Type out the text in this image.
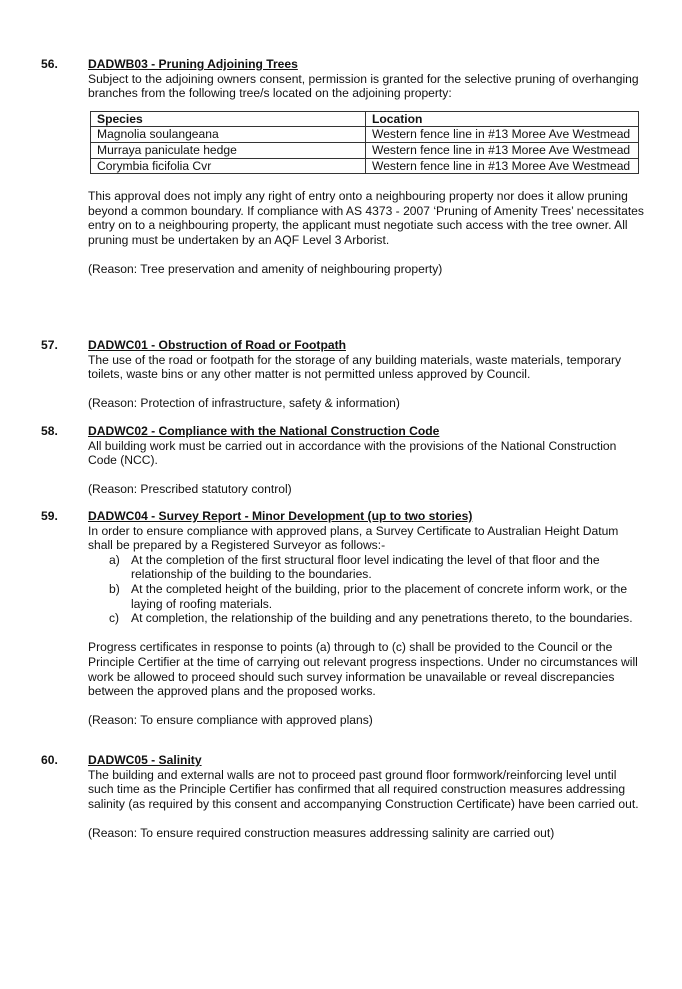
56. DADWB03 - Pruning Adjoining Trees

Subject to the adjoining owners consent, permission is granted for the selective pruning of overhanging branches from the following tree/s located on the adjoining property:

Species	Location
Magnolia soulangeana	Western fence line in #13 Moree Ave Westmead
Murraya paniculate hedge	Western fence line in #13 Moree Ave Westmead
Corymbia ficifolia Cvr	Western fence line in #13 Moree Ave Westmead

This approval does not imply any right of entry onto a neighbouring property nor does it allow pruning beyond a common boundary. If compliance with AS 4373 - 2007 ‘Pruning of Amenity Trees’ necessitates entry on to a neighbouring property, the applicant must negotiate such access with the tree owner. All pruning must be undertaken by an AQF Level 3 Arborist.

(Reason: Tree preservation and amenity of neighbouring property)

57. DADWC01 - Obstruction of Road or Footpath

The use of the road or footpath for the storage of any building materials, waste materials, temporary toilets, waste bins or any other matter is not permitted unless approved by Council.

(Reason: Protection of infrastructure, safety & information)

58. DADWC02 - Compliance with the National Construction Code

All building work must be carried out in accordance with the provisions of the National Construction Code (NCC).

(Reason: Prescribed statutory control)

59. DADWC04 - Survey Report - Minor Development (up to two stories)

In order to ensure compliance with approved plans, a Survey Certificate to Australian Height Datum shall be prepared by a Registered Surveyor as follows:-

a) At the completion of the first structural floor level indicating the level of that floor and the relationship of the building to the boundaries.
b) At the completed height of the building, prior to the placement of concrete inform work, or the laying of roofing materials.
c) At completion, the relationship of the building and any penetrations thereto, to the boundaries.

Progress certificates in response to points (a) through to (c) shall be provided to the Council or the Principle Certifier at the time of carrying out relevant progress inspections. Under no circumstances will work be allowed to proceed should such survey information be unavailable or reveal discrepancies between the approved plans and the proposed works.

(Reason: To ensure compliance with approved plans)

60. DADWC05 - Salinity

The building and external walls are not to proceed past ground floor formwork/reinforcing level until such time as the Principle Certifier has confirmed that all required construction measures addressing salinity (as required by this consent and accompanying Construction Certificate) have been carried out.

(Reason: To ensure required construction measures addressing salinity are carried out)
